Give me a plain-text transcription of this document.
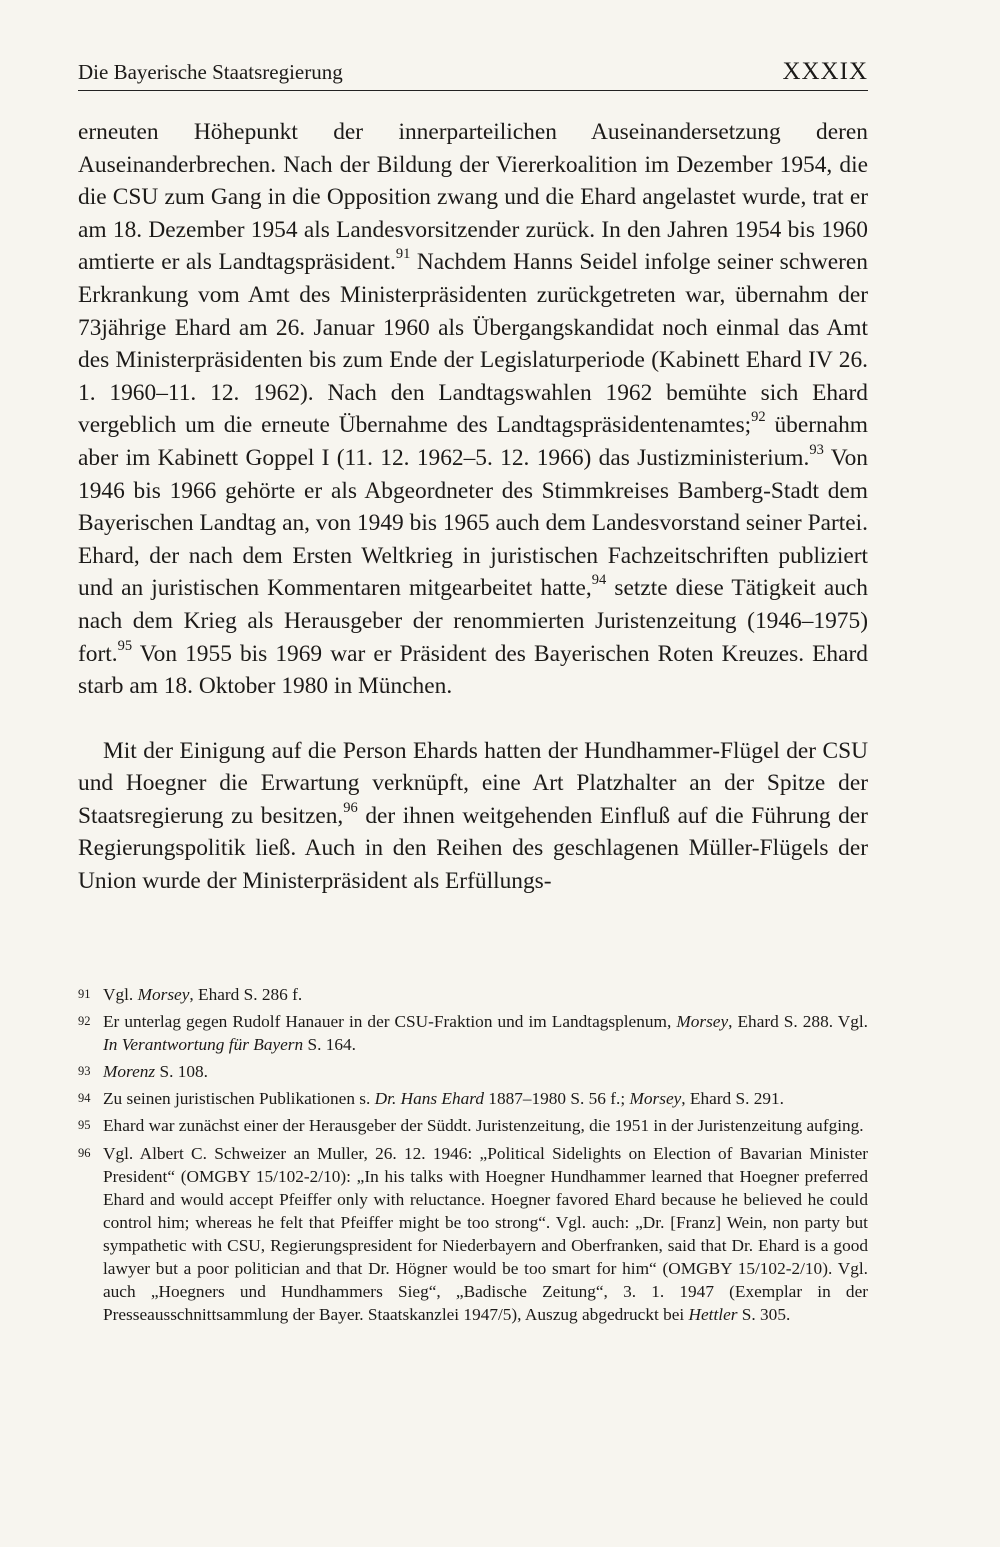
Die Bayerische Staatsregierung	XXXIX

erneuten Höhepunkt der innerparteilichen Auseinandersetzung deren Auseinanderbrechen. Nach der Bildung der Viererkoalition im Dezember 1954, die die CSU zum Gang in die Opposition zwang und die Ehard angelastet wurde, trat er am 18. Dezember 1954 als Landesvorsitzender zurück. In den Jahren 1954 bis 1960 amtierte er als Landtagspräsident.$^{91}$ Nachdem Hanns Seidel infolge seiner schweren Erkrankung vom Amt des Ministerpräsidenten zurückgetreten war, übernahm der 73jährige Ehard am 26. Januar 1960 als Übergangskandidat noch einmal das Amt des Ministerpräsidenten bis zum Ende der Legislaturperiode (Kabinett Ehard IV 26. 1. 1960–11. 12. 1962). Nach den Landtagswahlen 1962 bemühte sich Ehard vergeblich um die erneute Übernahme des Landtagspräsidentenamtes;$^{92}$ übernahm aber im Kabinett Goppel I (11. 12. 1962–5. 12. 1966) das Justizministerium.$^{93}$ Von 1946 bis 1966 gehörte er als Abgeordneter des Stimmkreises Bamberg-Stadt dem Bayerischen Landtag an, von 1949 bis 1965 auch dem Landesvorstand seiner Partei. Ehard, der nach dem Ersten Weltkrieg in juristischen Fachzeitschriften publiziert und an juristischen Kommentaren mitgearbeitet hatte,$^{94}$ setzte diese Tätigkeit auch nach dem Krieg als Herausgeber der renommierten Juristenzeitung (1946–1975) fort.$^{95}$ Von 1955 bis 1969 war er Präsident des Bayerischen Roten Kreuzes. Ehard starb am 18. Oktober 1980 in München.

Mit der Einigung auf die Person Ehards hatten der Hundhammer-Flügel der CSU und Hoegner die Erwartung verknüpft, eine Art Platzhalter an der Spitze der Staatsregierung zu besitzen,$^{96}$ der ihnen weitgehenden Einfluß auf die Führung der Regierungspolitik ließ. Auch in den Reihen des geschlagenen Müller-Flügels der Union wurde der Ministerpräsident als Erfüllungs-

91 Vgl. Morsey, Ehard S. 286 f.
92 Er unterlag gegen Rudolf Hanauer in der CSU-Fraktion und im Landtagsplenum, Morsey, Ehard S. 288. Vgl. In Verantwortung für Bayern S. 164.
93 Morenz S. 108.
94 Zu seinen juristischen Publikationen s. Dr. Hans Ehard 1887–1980 S. 56 f.; Morsey, Ehard S. 291.
95 Ehard war zunächst einer der Herausgeber der Süddt. Juristenzeitung, die 1951 in der Juristenzeitung aufging.
96 Vgl. Albert C. Schweizer an Muller, 26. 12. 1946: „Political Sidelights on Election of Bavarian Minister President“ (OMGBY 15/102-2/10): „In his talks with Hoegner Hundhammer learned that Hoegner preferred Ehard and would accept Pfeiffer only with reluctance. Hoegner favored Ehard because he believed he could control him; whereas he felt that Pfeiffer might be too strong“. Vgl. auch: „Dr. [Franz] Wein, non party but sympathetic with CSU, Regierungspresident for Niederbayern and Oberfranken, said that Dr. Ehard is a good lawyer but a poor politician and that Dr. Högner would be too smart for him“ (OMGBY 15/102-2/10). Vgl. auch „Hoegners und Hundhammers Sieg“, „Badische Zeitung“, 3. 1. 1947 (Exemplar in der Presseausschnittsammlung der Bayer. Staatskanzlei 1947/5), Auszug abgedruckt bei Hettler S. 305.
